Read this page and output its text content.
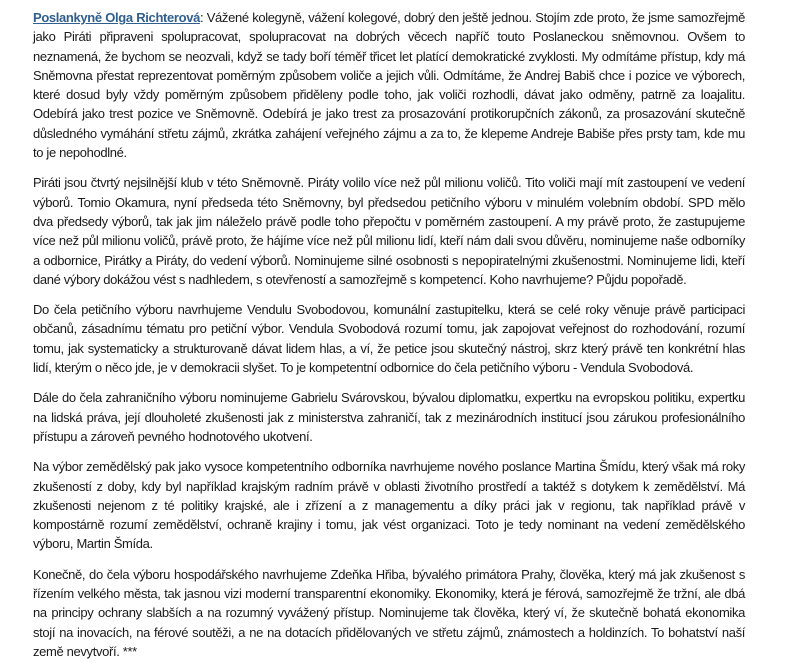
Poslankyně Olga Richterová: Vážené kolegyně, vážení kolegové, dobrý den ještě jednou. Stojím zde proto, že jsme samozřejmě jako Piráti připraveni spolupracovat, spolupracovat na dobrých věcech napříč touto Poslaneckou sněmovnou. Ovšem to neznamená, že bychom se neozvali, když se tady boří téměř třicet let platící demokratické zvyklosti. My odmítáme přístup, kdy má Sněmovna přestat reprezentovat poměrným způsobem voliče a jejich vůli. Odmítáme, že Andrej Babiš chce i pozice ve výborech, které dosud byly vždy poměrným způsobem přiděleny podle toho, jak voliči rozhodli, dávat jako odměny, patrně za loajalitu. Odebírá jako trest pozice ve Sněmovně. Odebírá je jako trest za prosazování protikorupčních zákonů, za prosazování skutečně důsledného vymáhání střetu zájmů, zkrátka zahájení veřejného zájmu a za to, že klepeme Andreje Babiše přes prsty tam, kde mu to je nepohodlné.

Piráti jsou čtvrtý nejsilnější klub v této Sněmovně. Piráty volilo více než půl milionu voličů. Tito voliči mají mít zastoupení ve vedení výborů. Tomio Okamura, nyní předseda této Sněmovny, byl předsedou petičního výboru v minulém volebním období. SPD mělo dva předsedy výborů, tak jak jim náleželo právě podle toho přepočtu v poměrném zastoupení. A my právě proto, že zastupujeme více než půl milionu voličů, právě proto, že hájíme více než půl milionu lidí, kteří nám dali svou důvěru, nominujeme naše odborníky a odbornice, Pirátky a Piráty, do vedení výborů. Nominujeme silné osobnosti s nepopiratelnými zkušenostmi. Nominujeme lidi, kteří dané výbory dokážou vést s nadhledem, s otevřeností a samozřejmě s kompetencí. Koho navrhujeme? Půjdu popořadě.

Do čela petičního výboru navrhujeme Vendulu Svobodovou, komunální zastupitelku, která se celé roky věnuje právě participaci občanů, zásadnímu tématu pro petiční výbor. Vendula Svobodová rozumí tomu, jak zapojovat veřejnost do rozhodování, rozumí tomu, jak systematicky a strukturovaně dávat lidem hlas, a ví, že petice jsou skutečný nástroj, skrz který právě ten konkrétní hlas lidí, kterým o něco jde, je v demokracii slyšet. To je kompetentní odbornice do čela petičního výboru - Vendula Svobodová.

Dále do čela zahraničního výboru nominujeme Gabrielu Svárovskou, bývalou diplomatku, expertku na evropskou politiku, expertku na lidská práva, její dlouholeté zkušenosti jak z ministerstva zahraničí, tak z mezinárodních institucí jsou zárukou profesionálního přístupu a zároveň pevného hodnotového ukotvení.

Na výbor zemědělský pak jako vysoce kompetentního odborníka navrhujeme nového poslance Martina Šmídu, který však má roky zkušeností z doby, kdy byl například krajským radním právě v oblasti životního prostředí a taktéž s dotykem k zemědělství. Má zkušenosti nejenom z té politiky krajské, ale i zřízení a z managementu a díky práci jak v regionu, tak například právě v kompostárně rozumí zemědělství, ochraně krajiny i tomu, jak vést organizaci. Toto je tedy nominant na vedení zemědělského výboru, Martin Šmída.

Konečně, do čela výboru hospodářského navrhujeme Zdeňka Hřiba, bývalého primátora Prahy, člověka, který má jak zkušenost s řízením velkého města, tak jasnou vizi moderní transparentní ekonomiky. Ekonomiky, která je férová, samozřejmě že tržní, ale dbá na principy ochrany slabších a na rozumný vyvážený přístup. Nominujeme tak člověka, který ví, že skutečně bohatá ekonomika stojí na inovacích, na férové soutěži, a ne na dotacích přidělovaných ve střetu zájmů, známostech a holdinzích. To bohatství naší země nevytvoří. ***
